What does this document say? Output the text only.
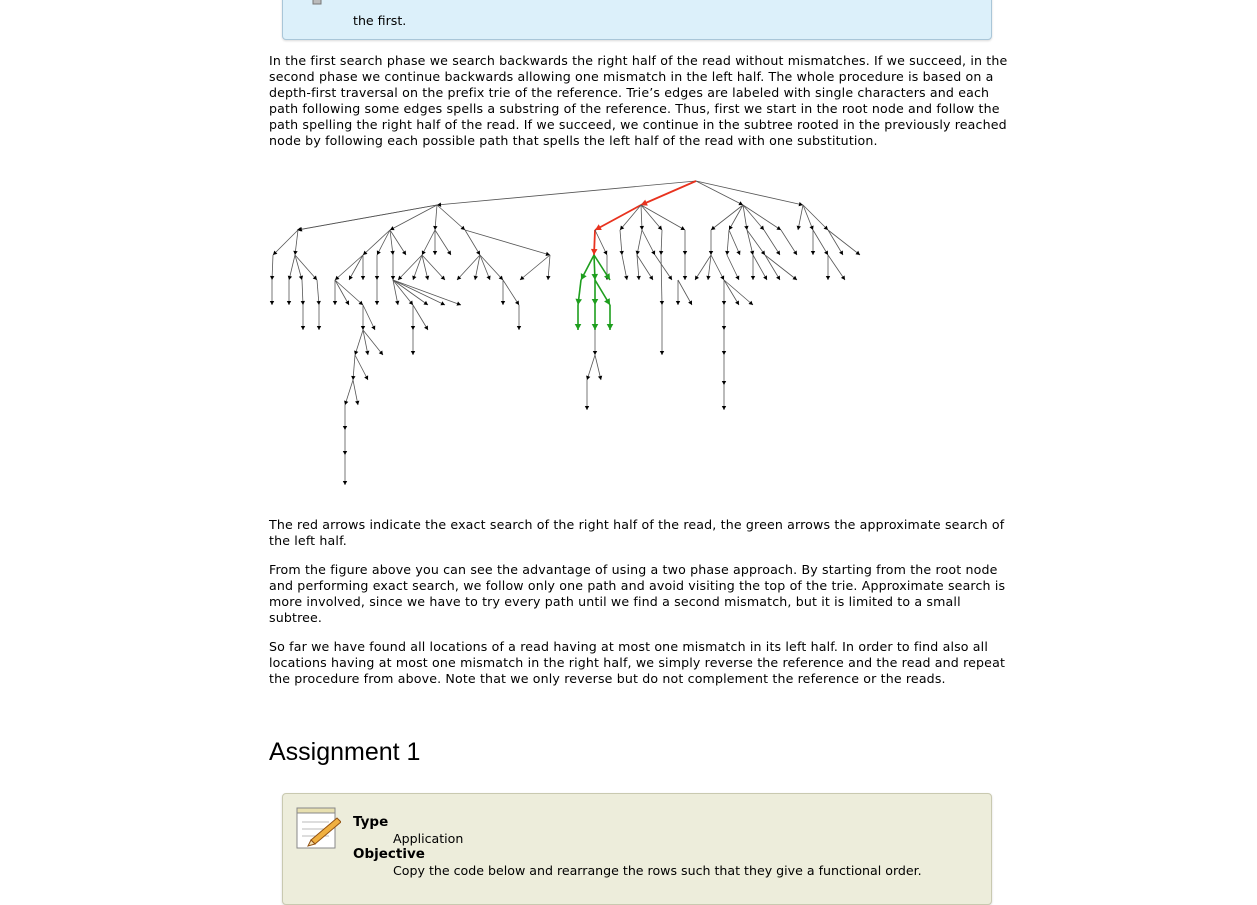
the first.

In the first search phase we search backwards the right half of the read without mismatches. If we succeed, in the second phase we continue backwards allowing one mismatch in the left half. The whole procedure is based on a depth-first traversal on the prefix trie of the reference. Trie’s edges are labeled with single characters and each path following some edges spells a substring of the reference. Thus, first we start in the root node and follow the path spelling the right half of the read. If we succeed, we continue in the subtree rooted in the previously reached node by following each possible path that spells the left half of the read with one substitution.

The red arrows indicate the exact search of the right half of the read, the green arrows the approximate search of the left half.

From the figure above you can see the advantage of using a two phase approach. By starting from the root node and performing exact search, we follow only one path and avoid visiting the top of the trie. Approximate search is more involved, since we have to try every path until we find a second mismatch, but it is limited to a small subtree.

So far we have found all locations of a read having at most one mismatch in its left half. In order to find also all locations having at most one mismatch in the right half, we simply reverse the reference and the read and repeat the procedure from above. Note that we only reverse but do not complement the reference or the reads.

Assignment 1
Type
Application
Objective
Copy the code below and rearrange the rows such that they give a functional order.
